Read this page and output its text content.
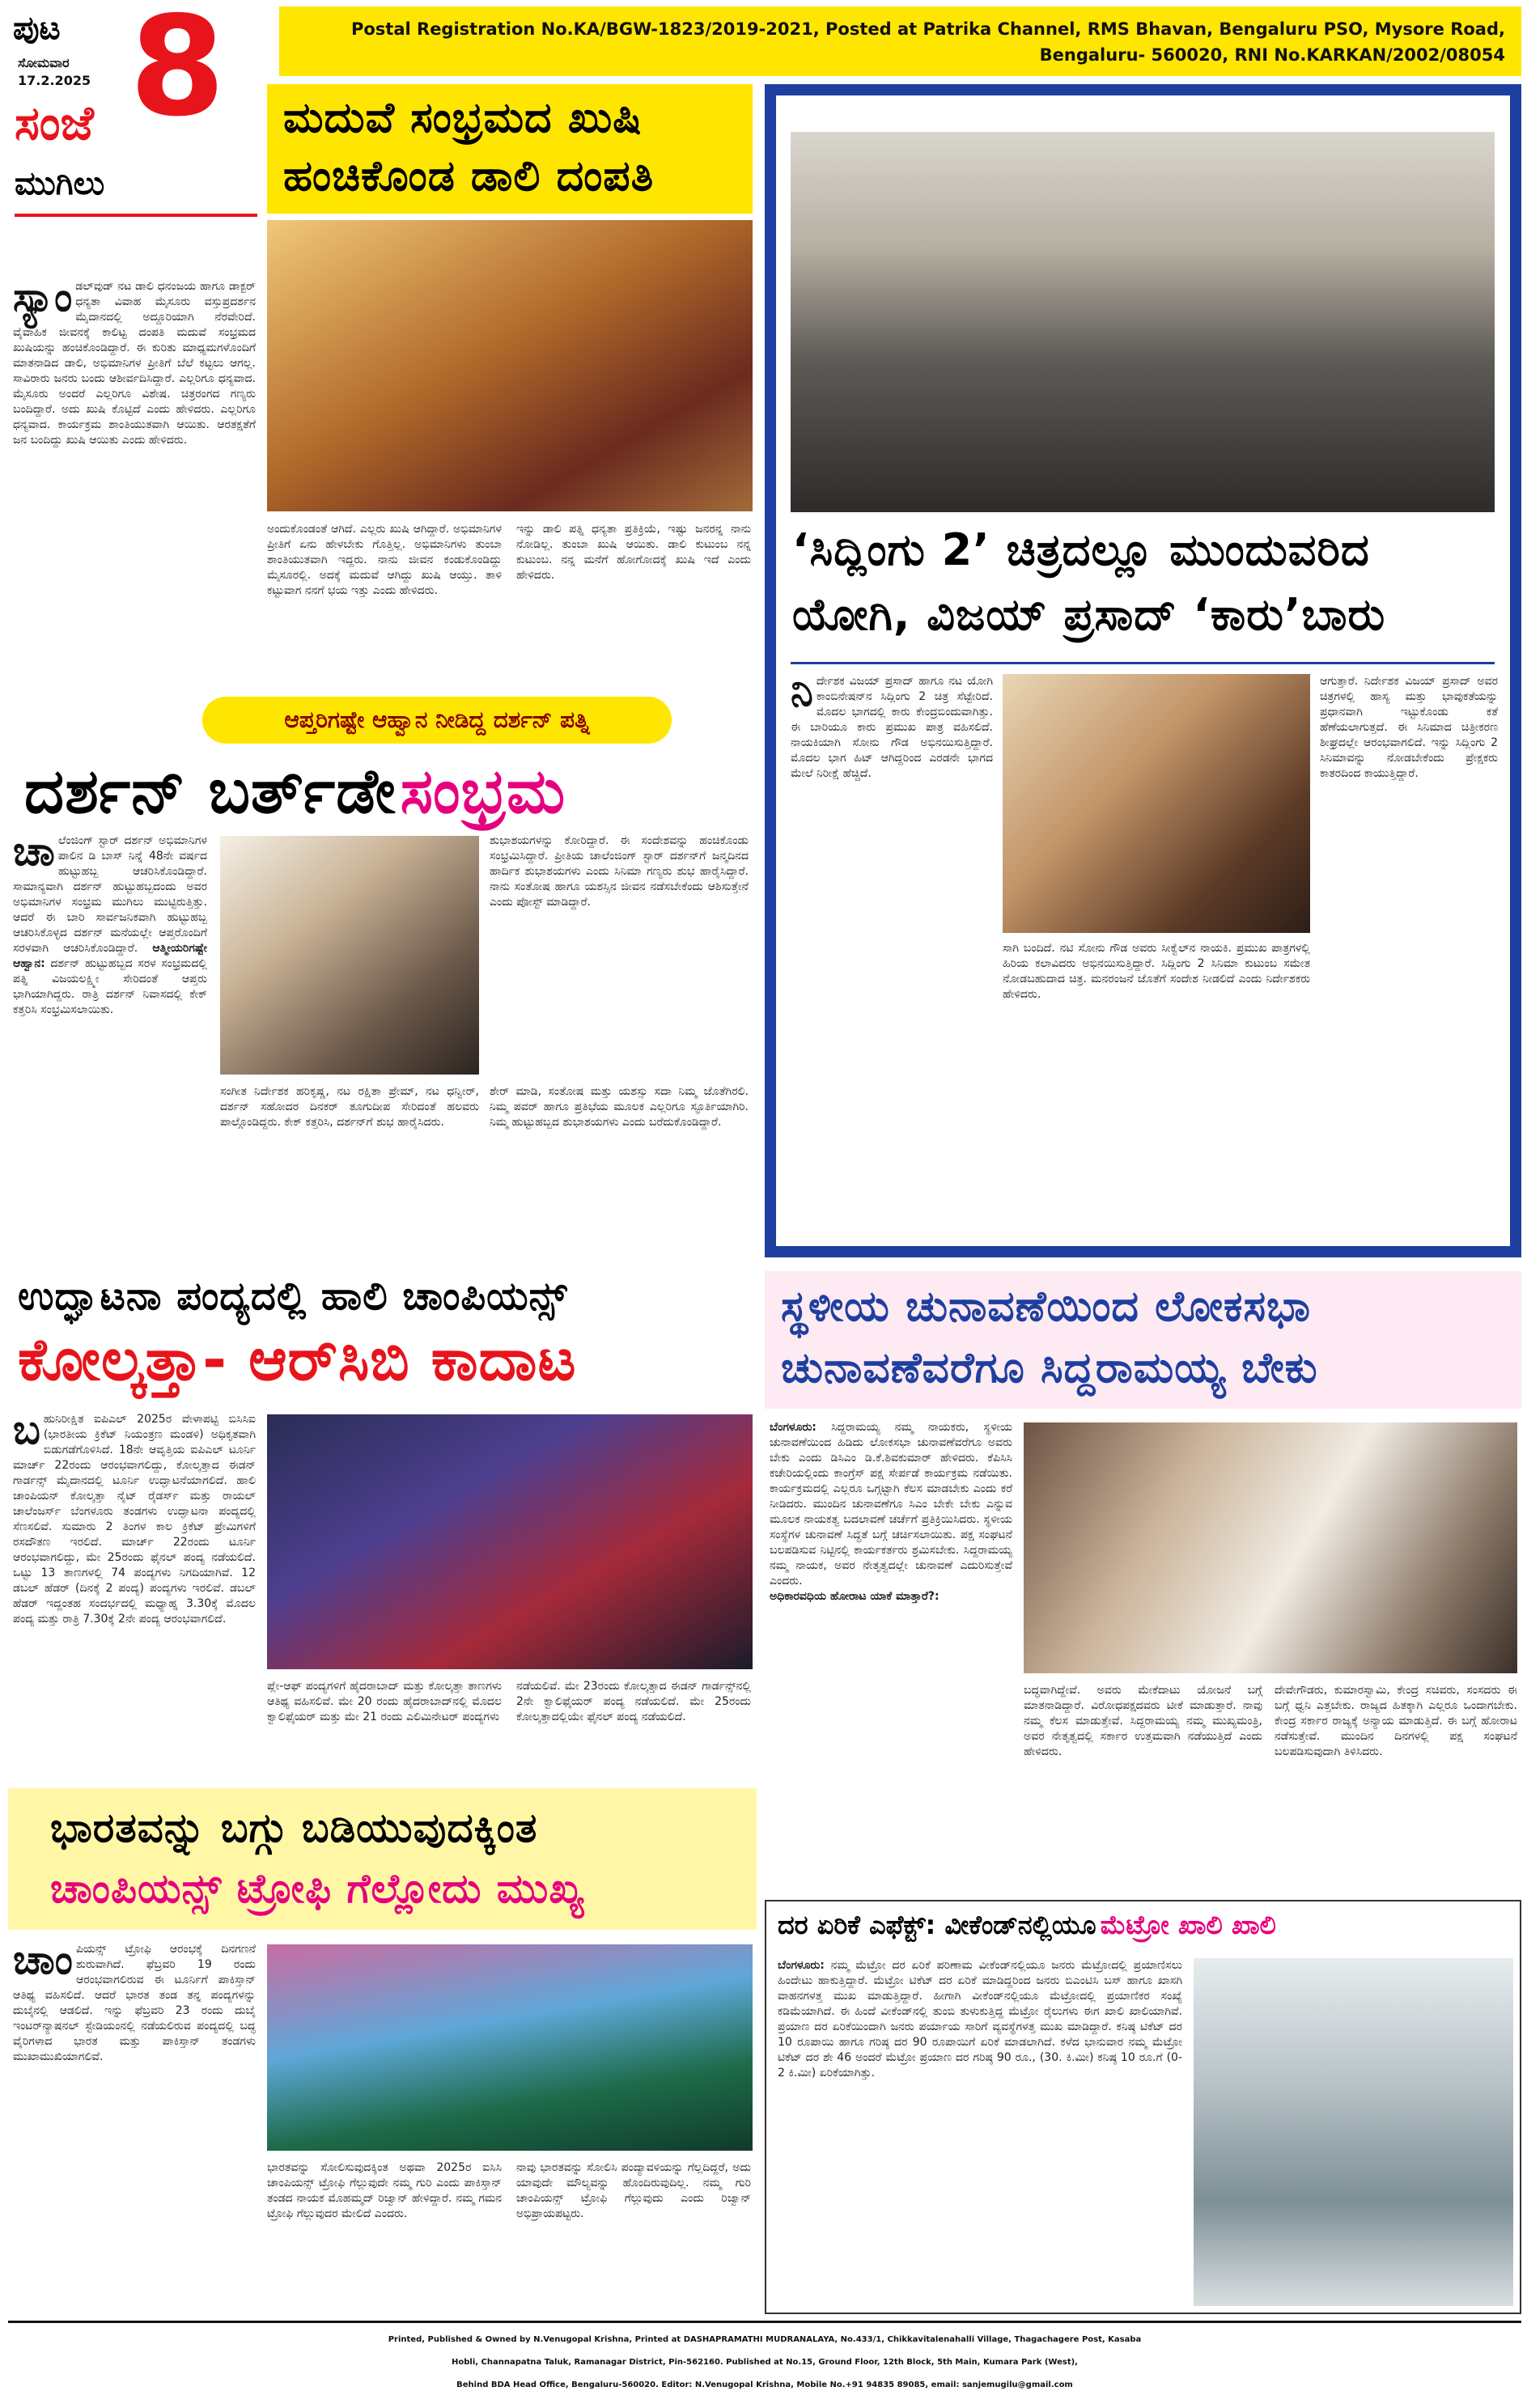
ಪುಟ
ಸೋಮವಾರ
17.2.2025 8
ಸಂಜೆ
ಮುಗಿಲು
Postal Registration No.KA/BGW-1823/2019-2021, Posted at Patrika Channel, RMS Bhavan, Bengaluru PSO, Mysore Road,
Bengaluru- 560020, RNI No.KARKAN/2002/08054
ಮದುವೆ ಸಂಭ್ರಮದ ಖುಷಿ
ಹಂಚಿಕೊಂಡ ಡಾಲಿ ದಂಪತಿ
ಸ್ಯಾಂ ಡಲ್‌ವುಡ್ ನಟ ಡಾಲಿ ಧನಂಜಯ ಹಾಗೂ ಡಾಕ್ಟರ್ ಧನ್ಯತಾ ವಿವಾಹ ಮೈಸೂರು ವಸ್ತುಪ್ರದರ್ಶನ ಮೈದಾನದಲ್ಲಿ ಅದ್ದೂರಿಯಾಗಿ ನೆರವೇರಿದೆ. ವೈವಾಹಿಕ ಜೀವನಕ್ಕೆ ಕಾಲಿಟ್ಟ ದಂಪತಿ ಮದುವೆ ಸಂಭ್ರಮದ ಖುಷಿಯನ್ನು ಹಂಚಿಕೊಂಡಿದ್ದಾರೆ. ಈ ಕುರಿತು ಮಾಧ್ಯಮಗಳೊಂದಿಗೆ ಮಾತನಾಡಿದ ಡಾಲಿ, ಅಭಿಮಾನಿಗಳ ಪ್ರೀತಿಗೆ ಬೆಲೆ ಕಟ್ಟಲು ಆಗಲ್ಲ. ಸಾವಿರಾರು ಜನರು ಬಂದು ಆಶೀರ್ವದಿಸಿದ್ದಾರೆ. ಎಲ್ಲರಿಗೂ ಧನ್ಯವಾದ. ಮೈಸೂರು ಅಂದರೆ ಎಲ್ಲರಿಗೂ ವಿಶೇಷ. ಚಿತ್ರರಂಗದ ಗಣ್ಯರು ಬಂದಿದ್ದಾರೆ. ಅದು ಖುಷಿ ಕೊಟ್ಟಿದೆ ಎಂದು ಹೇಳಿದರು. ಎಲ್ಲರಿಗೂ ಧನ್ಯವಾದ. ಕಾರ್ಯಕ್ರಮ ಶಾಂತಿಯುತವಾಗಿ ಆಯಿತು. ಆರತಕ್ಷತೆಗೆ ಜನ ಬಂದಿದ್ದು ಖುಷಿ ಆಯಿತು ಎಂದು ಹೇಳಿದರು.
ಅಂದುಕೊಂಡಂತೆ ಆಗಿದೆ. ಎಲ್ಲರು ಖುಷಿ ಆಗಿದ್ದಾರೆ. ಅಭಿಮಾನಿಗಳ ಪ್ರೀತಿಗೆ ಏನು ಹೇಳಬೇಕು ಗೊತ್ತಿಲ್ಲ. ಅಭಿಮಾನಿಗಳು ತುಂಬಾ ಶಾಂತಿಯುತವಾಗಿ ಇದ್ದರು. ನಾನು ಜೀವನ ಕಂಡುಕೊಂಡಿದ್ದು ಮೈಸೂರಲ್ಲಿ. ಅದಕ್ಕೆ ಮದುವೆ ಆಗಿದ್ದು ಖುಷಿ ಆಯ್ತು. ತಾಳಿ ಕಟ್ಟುವಾಗ ನನಗೆ ಭಯ ಇತ್ತು ಎಂದು ಹೇಳಿದರು.
ಇನ್ನು ಡಾಲಿ ಪತ್ನಿ ಧನ್ಯತಾ ಪ್ರತಿಕ್ರಿಯೆ, ಇಷ್ಟು ಜನರನ್ನ ನಾನು ನೋಡಿಲ್ಲ. ತುಂಬಾ ಖುಷಿ ಆಯಿತು. ಡಾಲಿ ಕುಟುಂಬ ನನ್ನ ಕುಟುಂಬ. ನನ್ನ ಮನೆಗೆ ಹೋಗೋದಕ್ಕೆ ಖುಷಿ ಇದೆ ಎಂದು ಹೇಳಿದರು.	‘ಸಿದ್ಲಿಂಗು 2’ ಚಿತ್ರದಲ್ಲೂ ಮುಂದುವರಿದ
ಯೋಗಿ, ವಿಜಯ್ ಪ್ರಸಾದ್ ‘ಕಾರು’ಬಾರು
ನಿರ್ದೇಶಕ ವಿಜಯ್ ಪ್ರಸಾದ್ ಹಾಗೂ ನಟ ಯೋಗಿ ಕಾಂಬಿನೇಷನ್‌ನ ಸಿದ್ಲಿಂಗು 2 ಚಿತ್ರ ಸೆಟ್ಟೇರಿದೆ. ಮೊದಲ ಭಾಗದಲ್ಲಿ ಕಾರು ಕೇಂದ್ರಬಿಂದುವಾಗಿತ್ತು. ಈ ಬಾರಿಯೂ ಕಾರು ಪ್ರಮುಖ ಪಾತ್ರ ವಹಿಸಲಿದೆ. ನಾಯಕಿಯಾಗಿ ಸೋನು ಗೌಡ ಅಭಿನಯಿಸುತ್ತಿದ್ದಾರೆ. ಮೊದಲ ಭಾಗ ಹಿಟ್ ಆಗಿದ್ದರಿಂದ ಎರಡನೇ ಭಾಗದ ಮೇಲೆ ನಿರೀಕ್ಷೆ ಹೆಚ್ಚಿದೆ.
ಸಾಗಿ ಬಂದಿದೆ. ನಟಿ ಸೋನು ಗೌಡ ಅವರು ಸೀಕ್ವೆಲ್‌ನ ನಾಯಕಿ. ಪ್ರಮುಖ ಪಾತ್ರಗಳಲ್ಲಿ ಹಿರಿಯ ಕಲಾವಿದರು ಅಭಿನಯಿಸುತ್ತಿದ್ದಾರೆ. ಸಿದ್ಲಿಂಗು 2 ಸಿನಿಮಾ ಕುಟುಂಬ ಸಮೇತ ನೋಡಬಹುದಾದ ಚಿತ್ರ. ಮನರಂಜನೆ ಜೊತೆಗೆ ಸಂದೇಶ ನೀಡಲಿದೆ ಎಂದು ನಿರ್ದೇಶಕರು ಹೇಳಿದರು.
ಆಗುತ್ತಾರೆ. ನಿರ್ದೇಶಕ ವಿಜಯ್ ಪ್ರಸಾದ್ ಅವರ ಚಿತ್ರಗಳಲ್ಲಿ ಹಾಸ್ಯ ಮತ್ತು ಭಾವುಕತೆಯನ್ನು ಪ್ರಧಾನವಾಗಿ ಇಟ್ಟುಕೊಂಡು ಕತೆ ಹೆಣೆಯಲಾಗುತ್ತದೆ. ಈ ಸಿನಿಮಾದ ಚಿತ್ರೀಕರಣ ಶೀಘ್ರದಲ್ಲೇ ಆರಂಭವಾಗಲಿದೆ. ಇನ್ನು ಸಿದ್ಲಿಂಗು 2 ಸಿನಿಮಾವನ್ನು ನೋಡಬೇಕೆಂದು ಪ್ರೇಕ್ಷಕರು ಕಾತರದಿಂದ ಕಾಯುತ್ತಿದ್ದಾರೆ.
ಆಪ್ತರಿಗಷ್ಟೇ ಆಹ್ವಾನ ನೀಡಿದ್ದ ದರ್ಶನ್ ಪತ್ನಿ
ದರ್ಶನ್ ಬರ್ತ್‌ಡೇ ಸಂಭ್ರಮ
ಚಾಲೆಂಜಿಂಗ್ ಸ್ಟಾರ್ ದರ್ಶನ್ ಅಭಿಮಾನಿಗಳ ಪಾಲಿನ ಡಿ ಬಾಸ್ ನಿನ್ನೆ 48ನೇ ವರ್ಷದ ಹುಟ್ಟುಹಬ್ಬ ಆಚರಿಸಿಕೊಂಡಿದ್ದಾರೆ. ಸಾಮಾನ್ಯವಾಗಿ ದರ್ಶನ್ ಹುಟ್ಟುಹಬ್ಬದಂದು ಅವರ ಅಭಿಮಾನಿಗಳ ಸಂಭ್ರಮ ಮುಗಿಲು ಮುಟ್ಟಿರುತ್ತಿತ್ತು. ಆದರೆ ಈ ಬಾರಿ ಸಾರ್ವಜನಿಕವಾಗಿ ಹುಟ್ಟುಹಬ್ಬ ಆಚರಿಸಿಕೊಳ್ಳದ ದರ್ಶನ್ ಮನೆಯಲ್ಲೇ ಆಪ್ತರೊಂದಿಗೆ ಸರಳವಾಗಿ ಆಚರಿಸಿಕೊಂಡಿದ್ದಾರೆ. ಆತ್ಮೀಯರಿಗಷ್ಟೇ ಆಹ್ವಾನ: ದರ್ಶನ್ ಹುಟ್ಟುಹಬ್ಬದ ಸರಳ ಸಂಭ್ರಮದಲ್ಲಿ ಪತ್ನಿ ವಿಜಯಲಕ್ಷ್ಮೀ ಸೇರಿದಂತೆ ಆಪ್ತರು ಭಾಗಿಯಾಗಿದ್ದರು. ರಾತ್ರಿ ದರ್ಶನ್ ನಿವಾಸದಲ್ಲಿ ಕೇಕ್ ಕತ್ತರಿಸಿ ಸಂಭ್ರಮಿಸಲಾಯಿತು.
ಶುಭಾಶಯಗಳನ್ನು ಕೋರಿದ್ದಾರೆ. ಈ ಸಂದೇಶವನ್ನು ಹಂಚಿಕೊಂಡು ಸಂಭ್ರಮಿಸಿದ್ದಾರೆ. ಪ್ರೀತಿಯ ಚಾಲೆಂಜಿಂಗ್ ಸ್ಟಾರ್ ದರ್ಶನ್‌ಗೆ ಜನ್ಮದಿನದ ಹಾರ್ದಿಕ ಶುಭಾಶಯಗಳು ಎಂದು ಸಿನಿಮಾ ಗಣ್ಯರು ಶುಭ ಹಾರೈಸಿದ್ದಾರೆ. ನಾನು ಸಂತೋಷ ಹಾಗೂ ಯಶಸ್ಸಿನ ಜೀವನ ನಡೆಸಬೇಕೆಂದು ಆಶಿಸುತ್ತೇನೆ ಎಂದು ಪೋಸ್ಟ್ ಮಾಡಿದ್ದಾರೆ.
ಸಂಗೀತ ನಿರ್ದೇಶಕ ಹರಿಕೃಷ್ಣ, ನಟ ರಕ್ಷಿತಾ ಪ್ರೇಮ್, ನಟ ಧನ್ವೀರ್, ದರ್ಶನ್ ಸಹೋದರ ದಿನಕರ್ ತೂಗುದೀಪ ಸೇರಿದಂತೆ ಹಲವರು ಪಾಲ್ಗೊಂಡಿದ್ದರು. ಕೇಕ್ ಕತ್ತರಿಸಿ, ದರ್ಶನ್‌ಗೆ ಶುಭ ಹಾರೈಸಿದರು.
ಶೇರ್ ಮಾಡಿ, ಸಂತೋಷ ಮತ್ತು ಯಶಸ್ಸು ಸದಾ ನಿಮ್ಮ ಜೊತೆಗಿರಲಿ. ನಿಮ್ಮ ಪವರ್ ಹಾಗೂ ಪ್ರತಿಭೆಯ ಮೂಲಕ ಎಲ್ಲರಿಗೂ ಸ್ಫೂರ್ತಿಯಾಗಿರಿ. ನಿಮ್ಮ ಹುಟ್ಟುಹಬ್ಬದ ಶುಭಾಶಯಗಳು ಎಂದು ಬರೆದುಕೊಂಡಿದ್ದಾರೆ.
ಉದ್ಘಾಟನಾ ಪಂದ್ಯದಲ್ಲಿ ಹಾಲಿ ಚಾಂಪಿಯನ್ಸ್
ಕೋಲ್ಕತ್ತಾ- ಆರ್‌ಸಿಬಿ ಕಾದಾಟ
ಬಹುನಿರೀಕ್ಷಿತ ಐಪಿಎಲ್ 2025ರ ವೇಳಾಪಟ್ಟಿ ಬಿಸಿಸಿಐ (ಭಾರತೀಯ ಕ್ರಿಕೆಟ್ ನಿಯಂತ್ರಣ ಮಂಡಳಿ) ಅಧಿಕೃತವಾಗಿ ಬಿಡುಗಡೆಗೊಳಿಸಿದೆ. 18ನೇ ಆವೃತ್ತಿಯ ಐಪಿಎಲ್ ಟೂರ್ನಿ ಮಾರ್ಚ್ 22ರಂದು ಆರಂಭವಾಗಲಿದ್ದು, ಕೋಲ್ಕತ್ತಾದ ಈಡನ್ ಗಾರ್ಡನ್ಸ್ ಮೈದಾನದಲ್ಲಿ ಟೂರ್ನಿ ಉದ್ಘಾಟನೆಯಾಗಲಿದೆ. ಹಾಲಿ ಚಾಂಪಿಯನ್ ಕೋಲ್ಕತ್ತಾ ನೈಟ್ ರೈಡರ್ಸ್ ಮತ್ತು ರಾಯಲ್ ಚಾಲೆಂಜರ್ಸ್ ಬೆಂಗಳೂರು ತಂಡಗಳು ಉದ್ಘಾಟನಾ ಪಂದ್ಯದಲ್ಲಿ ಸೆಣಸಲಿವೆ. ಸುಮಾರು 2 ತಿಂಗಳ ಕಾಲ ಕ್ರಿಕೆಟ್ ಪ್ರೇಮಿಗಳಿಗೆ ರಸದೌತಣ ಇರಲಿದೆ. ಮಾರ್ಚ್ 22ರಂದು ಟೂರ್ನಿ ಆರಂಭವಾಗಲಿದ್ದು, ಮೇ 25ರಂದು ಫೈನಲ್ ಪಂದ್ಯ ನಡೆಯಲಿದೆ. ಒಟ್ಟು 13 ತಾಣಗಳಲ್ಲಿ 74 ಪಂದ್ಯಗಳು ನಿಗದಿಯಾಗಿವೆ. 12 ಡಬಲ್ ಹೆಡರ್ (ದಿನಕ್ಕೆ 2 ಪಂದ್ಯ) ಪಂದ್ಯಗಳು ಇರಲಿವೆ. ಡಬಲ್ ಹೆಡರ್ ಇದ್ದಂತಹ ಸಂದರ್ಭದಲ್ಲಿ ಮಧ್ಯಾಹ್ನ 3.30ಕ್ಕೆ ಮೊದಲ ಪಂದ್ಯ ಮತ್ತು ರಾತ್ರಿ 7.30ಕ್ಕೆ 2ನೇ ಪಂದ್ಯ ಆರಂಭವಾಗಲಿದೆ.
ಪ್ಲೇ-ಆಫ್ ಪಂದ್ಯಗಳಿಗೆ ಹೈದರಾಬಾದ್ ಮತ್ತು ಕೋಲ್ಕತ್ತಾ ತಾಣಗಳು ಆತಿಥ್ಯ ವಹಿಸಲಿವೆ. ಮೇ 20 ರಂದು ಹೈದರಾಬಾದ್‌ನಲ್ಲಿ ಮೊದಲ ಕ್ವಾಲಿಫೈಯರ್ ಮತ್ತು ಮೇ 21 ರಂದು ಎಲಿಮಿನೇಟರ್ ಪಂದ್ಯಗಳು
ನಡೆಯಲಿವೆ. ಮೇ 23ರಂದು ಕೋಲ್ಕತ್ತಾದ ಈಡನ್ ಗಾರ್ಡನ್ಸ್‌ನಲ್ಲಿ 2ನೇ ಕ್ವಾಲಿಫೈಯರ್ ಪಂದ್ಯ ನಡೆಯಲಿದೆ. ಮೇ 25ರಂದು ಕೋಲ್ಕತ್ತಾದಲ್ಲಿಯೇ ಫೈನಲ್ ಪಂದ್ಯ ನಡೆಯಲಿದೆ.
ಭಾರತವನ್ನು ಬಗ್ಗು ಬಡಿಯುವುದಕ್ಕಿಂತ
ಚಾಂಪಿಯನ್ಸ್ ಟ್ರೋಫಿ ಗೆಲ್ಲೋದು ಮುಖ್ಯ
ಚಾಂಪಿಯನ್ಸ್ ಟ್ರೋಫಿ ಆರಂಭಕ್ಕೆ ದಿನಗಣನೆ ಶುರುವಾಗಿದೆ. ಫೆಬ್ರವರಿ 19 ರಂದು ಆರಂಭವಾಗಲಿರುವ ಈ ಟೂರ್ನಿಗೆ ಪಾಕಿಸ್ತಾನ್ ಆತಿಥ್ಯ ವಹಿಸಲಿದೆ. ಆದರೆ ಭಾರತ ತಂಡ ತನ್ನ ಪಂದ್ಯಗಳನ್ನು ದುಬೈನಲ್ಲಿ ಆಡಲಿದೆ. ಇನ್ನು ಫೆಬ್ರವರಿ 23 ರಂದು ದುಬೈ ಇಂಟರ್‌ನ್ಯಾಷನಲ್ ಸ್ಟೇಡಿಯಂನಲ್ಲಿ ನಡೆಯಲಿರುವ ಪಂದ್ಯದಲ್ಲಿ ಬದ್ಧ ವೈರಿಗಳಾದ ಭಾರತ ಮತ್ತು ಪಾಕಿಸ್ತಾನ್ ತಂಡಗಳು ಮುಖಾಮುಖಿಯಾಗಲಿವೆ.
ಭಾರತವನ್ನು ಸೋಲಿಸುವುದಕ್ಕಿಂತ ಅಥವಾ 2025ರ ಐಸಿಸಿ ಚಾಂಪಿಯನ್ಸ್ ಟ್ರೋಫಿ ಗೆಲ್ಲುವುದೇ ನಮ್ಮ ಗುರಿ ಎಂದು ಪಾಕಿಸ್ತಾನ್ ತಂಡದ ನಾಯಕ ಮೊಹಮ್ಮದ್ ರಿಜ್ವಾನ್ ಹೇಳಿದ್ದಾರೆ. ನಮ್ಮ ಗಮನ ಟ್ರೋಫಿ ಗೆಲ್ಲುವುದರ ಮೇಲಿದೆ ಎಂದರು.
ನಾವು ಭಾರತವನ್ನು ಸೋಲಿಸಿ ಪಂದ್ಯಾವಳಿಯನ್ನು ಗೆಲ್ಲದಿದ್ದರೆ, ಅದು ಯಾವುದೇ ಮೌಲ್ಯವನ್ನು ಹೊಂದಿರುವುದಿಲ್ಲ. ನಮ್ಮ ಗುರಿ ಚಾಂಪಿಯನ್ಸ್ ಟ್ರೋಫಿ ಗೆಲ್ಲುವುದು ಎಂದು ರಿಜ್ವಾನ್ ಅಭಿಪ್ರಾಯಪಟ್ಟರು.
ಸ್ಥಳೀಯ ಚುನಾವಣೆಯಿಂದ ಲೋಕಸಭಾ
ಚುನಾವಣೆವರೆಗೂ ಸಿದ್ದರಾಮಯ್ಯ ಬೇಕು
ಬೆಂಗಳೂರು: ಸಿದ್ದರಾಮಯ್ಯ ನಮ್ಮ ನಾಯಕರು, ಸ್ಥಳೀಯ ಚುನಾವಣೆಯಿಂದ ಹಿಡಿದು ಲೋಕಸಭಾ ಚುನಾವಣೆವರೆಗೂ ಅವರು ಬೇಕು ಎಂದು ಡಿಸಿಎಂ ಡಿ.ಕೆ.ಶಿವಕುಮಾರ್ ಹೇಳಿದರು. ಕೆಪಿಸಿಸಿ ಕಚೇರಿಯಲ್ಲಿಂದು ಕಾಂಗ್ರೆಸ್ ಪಕ್ಷ ಸೇರ್ಪಡೆ ಕಾರ್ಯಕ್ರಮ ನಡೆಯಿತು. ಕಾರ್ಯಕ್ರಮದಲ್ಲಿ ಎಲ್ಲರೂ ಒಗ್ಗಟ್ಟಾಗಿ ಕೆಲಸ ಮಾಡಬೇಕು ಎಂದು ಕರೆ ನೀಡಿದರು. ಮುಂದಿನ ಚುನಾವಣೆಗೂ ಸಿಎಂ ಬೇಕೇ ಬೇಕು ಎನ್ನುವ ಮೂಲಕ ನಾಯಕತ್ವ ಬದಲಾವಣೆ ಚರ್ಚೆಗೆ ಪ್ರತಿಕ್ರಿಯಿಸಿದರು. ಸ್ಥಳೀಯ ಸಂಸ್ಥೆಗಳ ಚುನಾವಣೆ ಸಿದ್ಧತೆ ಬಗ್ಗೆ ಚರ್ಚಿಸಲಾಯಿತು. ಪಕ್ಷ ಸಂಘಟನೆ ಬಲಪಡಿಸುವ ನಿಟ್ಟಿನಲ್ಲಿ ಕಾರ್ಯಕರ್ತರು ಶ್ರಮಿಸಬೇಕು. ಸಿದ್ದರಾಮಯ್ಯ ನಮ್ಮ ನಾಯಕ, ಅವರ ನೇತೃತ್ವದಲ್ಲೇ ಚುನಾವಣೆ ಎದುರಿಸುತ್ತೇವೆ ಎಂದರು.
ಅಧಿಕಾರವಧಿಯ ಹೋರಾಟ ಯಾಕೆ ಮಾತ್ತಾರೆ?:
ಬದ್ಧವಾಗಿದ್ದೇವೆ. ಅವರು ಮೇಕೆದಾಟು ಯೋಜನೆ ಬಗ್ಗೆ ಮಾತನಾಡಿದ್ದಾರೆ. ವಿರೋಧಪಕ್ಷದವರು ಟೀಕೆ ಮಾಡುತ್ತಾರೆ. ನಾವು ನಮ್ಮ ಕೆಲಸ ಮಾಡುತ್ತೇವೆ. ಸಿದ್ದರಾಮಯ್ಯ ನಮ್ಮ ಮುಖ್ಯಮಂತ್ರಿ, ಅವರ ನೇತೃತ್ವದಲ್ಲಿ ಸರ್ಕಾರ ಉತ್ತಮವಾಗಿ ನಡೆಯುತ್ತಿದೆ ಎಂದು ಹೇಳಿದರು.
ದೇವೇಗೌಡರು, ಕುಮಾರಸ್ವಾಮಿ, ಕೇಂದ್ರ ಸಚಿವರು, ಸಂಸದರು ಈ ಬಗ್ಗೆ ಧ್ವನಿ ಎತ್ತಬೇಕು. ರಾಜ್ಯದ ಹಿತಕ್ಕಾಗಿ ಎಲ್ಲರೂ ಒಂದಾಗಬೇಕು. ಕೇಂದ್ರ ಸರ್ಕಾರ ರಾಜ್ಯಕ್ಕೆ ಅನ್ಯಾಯ ಮಾಡುತ್ತಿದೆ. ಈ ಬಗ್ಗೆ ಹೋರಾಟ ನಡೆಸುತ್ತೇವೆ. ಮುಂದಿನ ದಿನಗಳಲ್ಲಿ ಪಕ್ಷ ಸಂಘಟನೆ ಬಲಪಡಿಸುವುದಾಗಿ ತಿಳಿಸಿದರು.
ದರ ಏರಿಕೆ ಎಫೆಕ್ಟ್: ವೀಕೆಂಡ್‌ನಲ್ಲಿಯೂ ಮೆಟ್ರೋ ಖಾಲಿ ಖಾಲಿ
ಬೆಂಗಳೂರು: ನಮ್ಮ ಮೆಟ್ರೋ ದರ ಏರಿಕೆ ಪರಿಣಾಮ ವೀಕೆಂಡ್‌ನಲ್ಲಿಯೂ ಜನರು ಮೆಟ್ರೋದಲ್ಲಿ ಪ್ರಯಾಣಿಸಲು ಹಿಂದೇಟು ಹಾಕುತ್ತಿದ್ದಾರೆ. ಮೆಟ್ರೋ ಟಿಕೆಟ್ ದರ ಏರಿಕೆ ಮಾಡಿದ್ದರಿಂದ ಜನರು ಬಿಎಂಟಿಸಿ ಬಸ್ ಹಾಗೂ ಖಾಸಗಿ ವಾಹನಗಳತ್ತ ಮುಖ ಮಾಡುತ್ತಿದ್ದಾರೆ. ಹೀಗಾಗಿ ವೀಕೆಂಡ್‌ನಲ್ಲಿಯೂ ಮೆಟ್ರೋದಲ್ಲಿ ಪ್ರಯಾಣಿಕರ ಸಂಖ್ಯೆ ಕಡಿಮೆಯಾಗಿದೆ. ಈ ಹಿಂದೆ ವೀಕೆಂಡ್‌ನಲ್ಲಿ ತುಂಬಿ ತುಳುಕುತ್ತಿದ್ದ ಮೆಟ್ರೋ ರೈಲುಗಳು ಈಗ ಖಾಲಿ ಖಾಲಿಯಾಗಿವೆ. ಪ್ರಯಾಣ ದರ ಏರಿಕೆಯಿಂದಾಗಿ ಜನರು ಪರ್ಯಾಯ ಸಾರಿಗೆ ವ್ಯವಸ್ಥೆಗಳತ್ತ ಮುಖ ಮಾಡಿದ್ದಾರೆ. ಕನಿಷ್ಠ ಟಿಕೆಟ್ ದರ 10 ರೂಪಾಯಿ ಹಾಗೂ ಗರಿಷ್ಠ ದರ 90 ರೂಪಾಯಿಗೆ ಏರಿಕೆ ಮಾಡಲಾಗಿದೆ. ಕಳೆದ ಭಾನುವಾರ ನಮ್ಮ ಮೆಟ್ರೋ ಟಿಕೆಟ್ ದರ ಶೇ 46 ಅಂದರೆ ಮೆಟ್ರೋ ಪ್ರಯಾಣ ದರ ಗರಿಷ್ಠ 90 ರೂ., (30. ಕಿ.ಮೀ) ಕನಿಷ್ಠ 10 ರೂ.ಗೆ (0-2 ಕಿ.ಮೀ) ಏರಿಕೆಯಾಗಿತ್ತು.
Printed, Published & Owned by N.Venugopal Krishna, Printed at DASHAPRAMATHI MUDRANALAYA, No.433/1, Chikkavitalenahalli Village, Thagachagere Post, Kasaba
Hobli, Channapatna Taluk, Ramanagar District, Pin-562160. Published at No.15, Ground Floor, 12th Block, 5th Main, Kumara Park (West),
Behind BDA Head Office, Bengaluru-560020. Editor: N.Venugopal Krishna, Mobile No.+91 94835 89085, email: sanjemugilu@gmail.com
